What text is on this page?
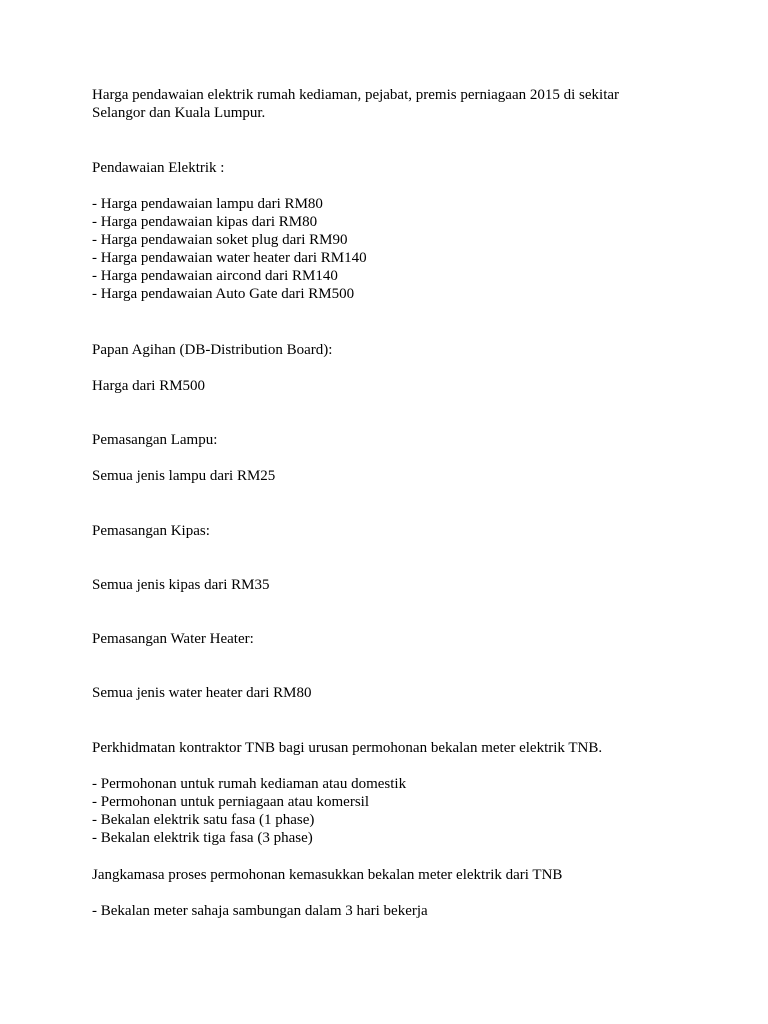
Harga pendawaian elektrik rumah kediaman, pejabat, premis perniagaan 2015 di sekitar

Selangor dan Kuala Lumpur.

Pendawaian Elektrik :

- Harga pendawaian lampu dari RM80

- Harga pendawaian kipas dari RM80

- Harga pendawaian soket plug dari RM90

- Harga pendawaian water heater dari RM140

- Harga pendawaian aircond dari RM140

- Harga pendawaian Auto Gate dari RM500

Papan Agihan (DB-Distribution Board):

Harga dari RM500

Pemasangan Lampu:

Semua jenis lampu dari RM25

Pemasangan Kipas:

Semua jenis kipas dari RM35

Pemasangan Water Heater:

Semua jenis water heater dari RM80

Perkhidmatan kontraktor TNB bagi urusan permohonan bekalan meter elektrik TNB.

- Permohonan untuk rumah kediaman atau domestik

- Permohonan untuk perniagaan atau komersil

- Bekalan elektrik satu fasa (1 phase)

- Bekalan elektrik tiga fasa (3 phase)

Jangkamasa proses permohonan kemasukkan bekalan meter elektrik dari TNB

- Bekalan meter sahaja sambungan dalam 3 hari bekerja
